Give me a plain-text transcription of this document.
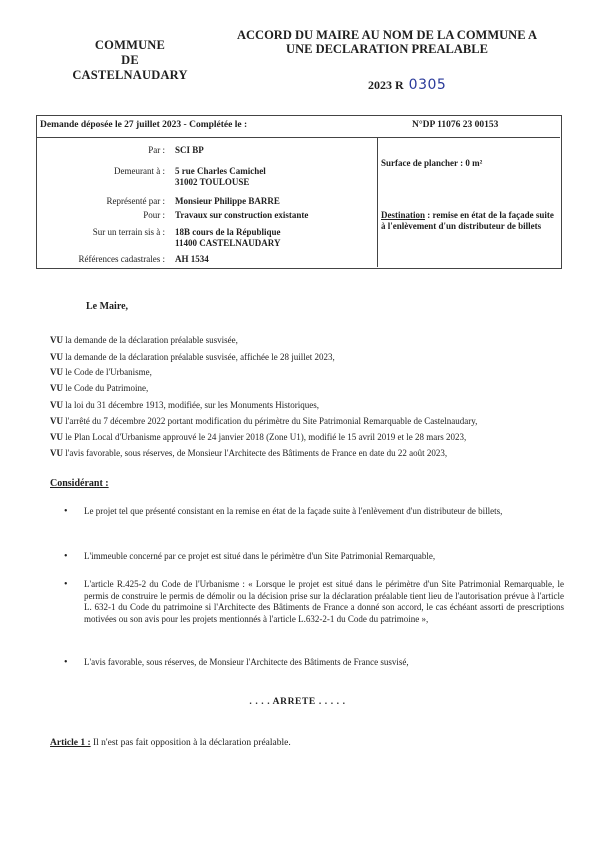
COMMUNE
DE
CASTELNAUDARY
ACCORD DU MAIRE AU NOM DE LA COMMUNE A
UNE DECLARATION PREALABLE
2023 R 0305
Demande déposée le 27 juillet 2023 - Complétée le :	N°DP 11076 23 00153
Par : SCI BP
Demeurant à : 5 rue Charles Camichel
31002 TOULOUSE
Représenté par : Monsieur Philippe BARRE
Pour : Travaux sur construction existante
Sur un terrain sis à : 18B cours de la République
11400 CASTELNAUDARY
Références cadastrales : AH 1534
Surface de plancher : 0 m²
Destination : remise en état de la façade suite à l'enlèvement d'un distributeur de billets
Le Maire,
VU la demande de la déclaration préalable susvisée,
VU la demande de la déclaration préalable susvisée, affichée le 28 juillet 2023,
VU le Code de l'Urbanisme,
VU le Code du Patrimoine,
VU la loi du 31 décembre 1913, modifiée, sur les Monuments Historiques,
VU l'arrêté du 7 décembre 2022 portant modification du périmètre du Site Patrimonial Remarquable de Castelnaudary,
VU le Plan Local d'Urbanisme approuvé le 24 janvier 2018 (Zone U1), modifié le 15 avril 2019 et le 28 mars 2023,
VU l'avis favorable, sous réserves, de Monsieur l'Architecte des Bâtiments de France en date du 22 août 2023,
Considérant :
• Le projet tel que présenté consistant en la remise en état de la façade suite à l'enlèvement d'un distributeur de billets,
• L'immeuble concerné par ce projet est situé dans le périmètre d'un Site Patrimonial Remarquable,
• L'article R.425-2 du Code de l'Urbanisme : « Lorsque le projet est situé dans le périmètre d'un Site Patrimonial Remarquable, le permis de construire le permis de démolir ou la décision prise sur la déclaration préalable tient lieu de l'autorisation prévue à l'article L. 632-1 du Code du patrimoine si l'Architecte des Bâtiments de France a donné son accord, le cas échéant assorti de prescriptions motivées ou son avis pour les projets mentionnés à l'article L.632-2-1 du Code du patrimoine »,
• L'avis favorable, sous réserves, de Monsieur l'Architecte des Bâtiments de France susvisé,
. . . . ARRETE . . . . .
Article 1 : Il n'est pas fait opposition à la déclaration préalable.
